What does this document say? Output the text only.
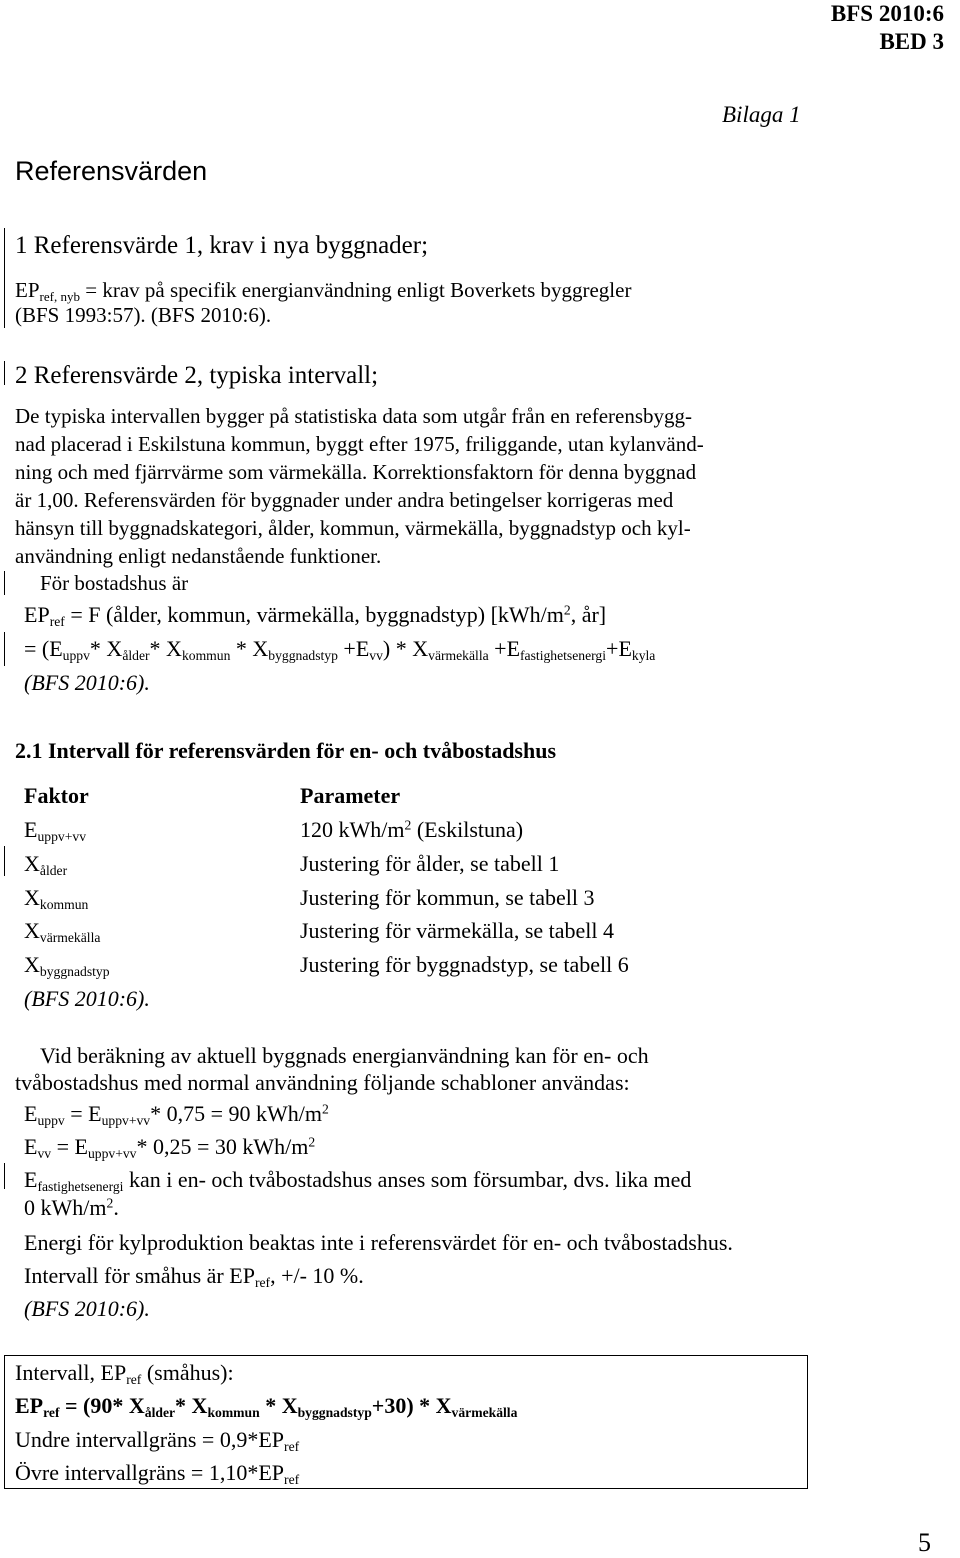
BFS 2010:6
BED 3
Bilaga 1
Referensvärden
1 Referensvärde 1, krav i nya byggnader;
$EP_{ref, nyb}$ = krav på specifik energianvändning enligt Boverkets byggregler
(BFS 1993:57). (BFS 2010:6).
2 Referensvärde 2, typiska intervall;
De typiska intervallen bygger på statistiska data som utgår från en referensbygg-
nad placerad i Eskilstuna kommun, byggt efter 1975, friliggande, utan kylanvänd-
ning och med fjärrvärme som värmekälla. Korrektionsfaktorn för denna byggnad
är 1,00. Referensvärden för byggnader under andra betingelser korrigeras med
hänsyn till byggnadskategori, ålder, kommun, värmekälla, byggnadstyp och kyl-
användning enligt nedanstående funktioner.
För bostadshus är
$EP_{ref} = F$ (ålder, kommun, värmekälla, byggnadstyp) [$kWh/m^2$, år]
= ($E_{uppv}*$ $X_{ålder}*$ $X_{kommun} * X_{byggnadstyp} +E_{vv}) * X_{värmekälla} +E_{fastighetsenergi}+E_{kyla}$
(BFS 2010:6).
2.1 Intervall för referensvärden för en- och tvåbostadshus
Faktor	Parameter
$E_{uppv+vv}$	120 kWh/$m^2$ (Eskilstuna)
$X_{ålder}$	Justering för ålder, se tabell 1
$X_{kommun}$	Justering för kommun, se tabell 3
$X_{värmekälla}$	Justering för värmekälla, se tabell 4
$X_{byggnadstyp}$	Justering för byggnadstyp, se tabell 6
(BFS 2010:6).
Vid beräkning av aktuell byggnads energianvändning kan för en- och
tvåbostadshus med normal användning följande schabloner användas:
$E_{uppv} = E_{uppv+vv}*$ 0,75 = 90 kWh/$m^2$
$E_{vv} = E_{uppv+vv}*$ 0,25 = 30 kWh/$m^2$
$E_{fastighetsenergi}$ kan i en- och tvåbostadshus anses som försumbar, dvs. lika med
0 kWh/$m^2$.
Energi för kylproduktion beaktas inte i referensvärdet för en- och tvåbostadshus.
Intervall för småhus är $EP_{ref}$, +/- 10 %.
(BFS 2010:6).
Intervall, $EP_{ref}$ (småhus):
$EP_{ref} = (90*$ $X_{ålder}*$ $X_{kommun} * X_{byggnadstyp}+30) * X_{värmekälla}$
Undre intervallgräns = $0,9*EP_{ref}$
Övre intervallgräns = $1,10*EP_{ref}$
5
